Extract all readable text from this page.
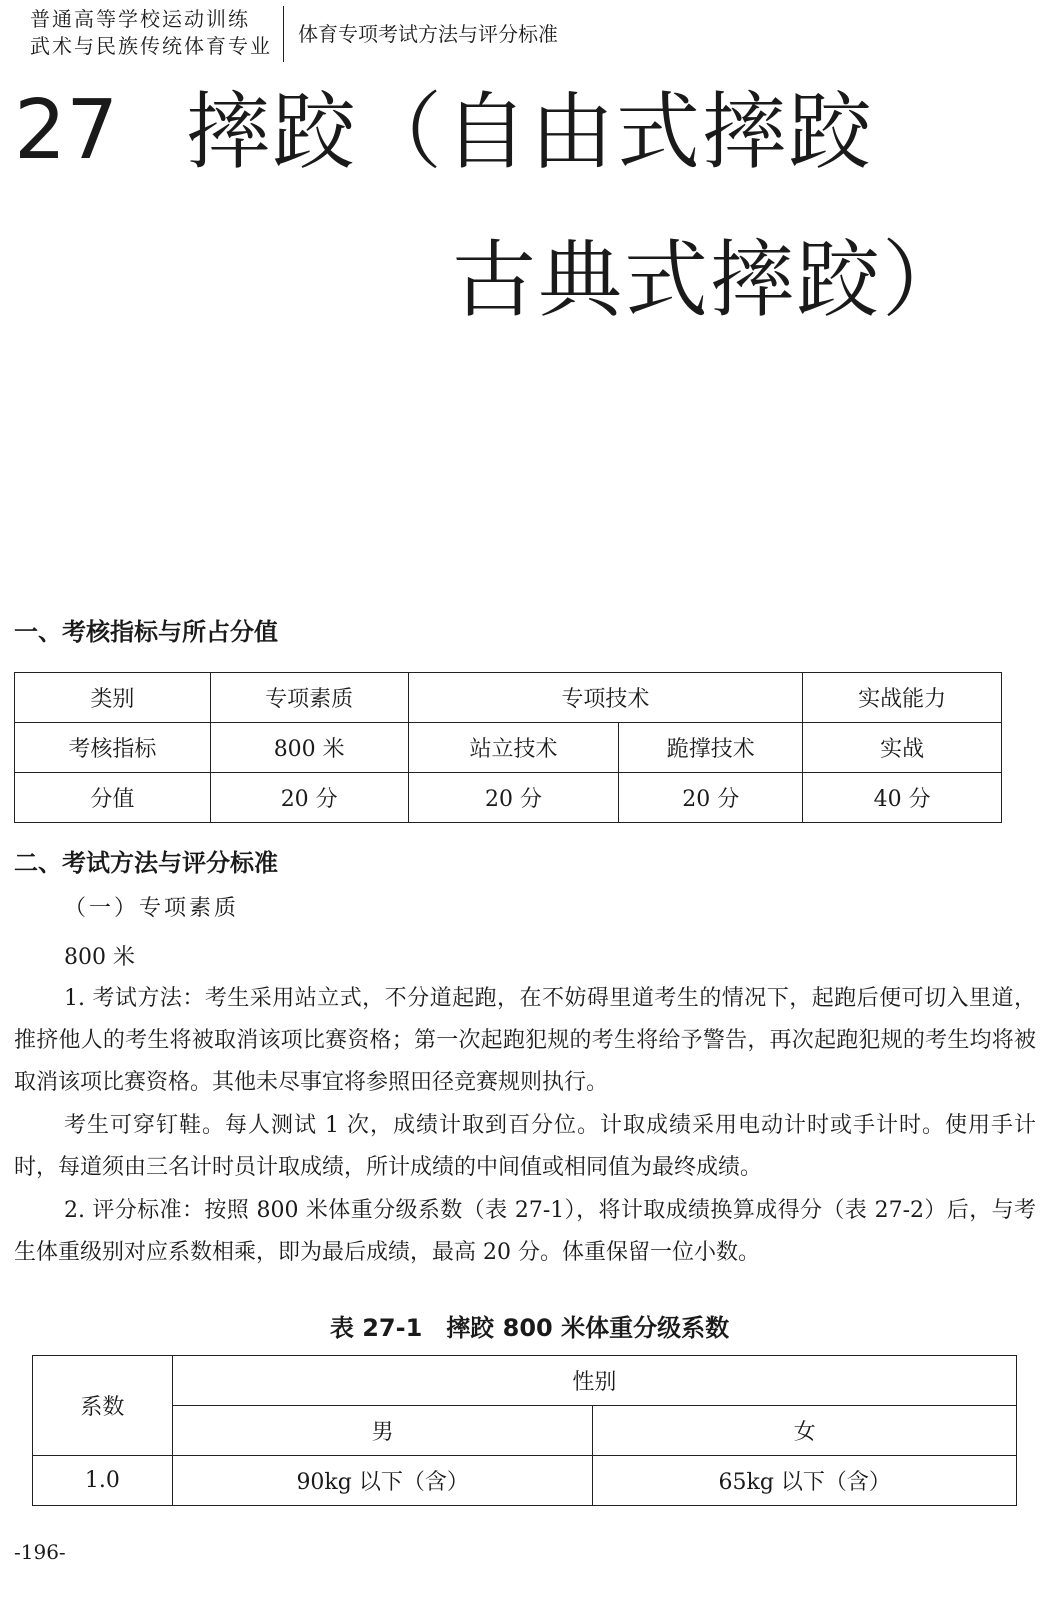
普通高等学校运动训练
武术与民族传统体育专业 体育专项考试方法与评分标准
27 摔跤（自由式摔跤
古典式摔跤）
一、考核指标与所占分值
类别	专项素质	专项技术		实战能力
考核指标	800 米	站立技术	跪撑技术	实战
分值	20 分	20 分	20 分	40 分
二、考试方法与评分标准
（一）专项素质
800 米
1. 考试方法：考生采用站立式，不分道起跑，在不妨碍里道考生的情况下，起跑后便可切入里道，推挤他人的考生将被取消该项比赛资格；第一次起跑犯规的考生将给予警告，再次起跑犯规的考生均将被取消该项比赛资格。其他未尽事宜将参照田径竞赛规则执行。
考生可穿钉鞋。每人测试 1 次，成绩计取到百分位。计取成绩采用电动计时或手计时。使用手计时，每道须由三名计时员计取成绩，所计成绩的中间值或相同值为最终成绩。
2. 评分标准：按照 800 米体重分级系数（表 27-1），将计取成绩换算成得分（表 27-2）后，与考生体重级别对应系数相乘，即为最后成绩，最高 20 分。体重保留一位小数。
表 27-1　摔跤 800 米体重分级系数
系数	性别	
	男	女
1.0	90kg 以下（含）	65kg 以下（含）
-196-
